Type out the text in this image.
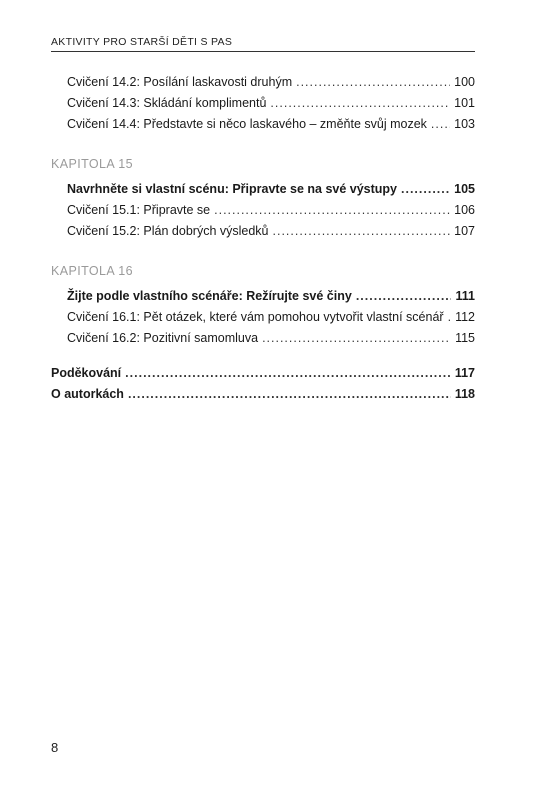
AKTIVITY PRO STARŠÍ DĚTI S PAS
Cvičení 14.2: Posílání laskavosti druhým .....	100
Cvičení 14.3: Skládání komplimentů .....	101
Cvičení 14.4: Představte si něco laskavého – změňte svůj mozek ..... 103
KAPITOLA 15
Navrhněte si vlastní scénu: Připravte se na své výstupy .....	105
Cvičení 15.1: Připravte se .....	106
Cvičení 15.2: Plán dobrých výsledků .....	107
KAPITOLA 16
Žijte podle vlastního scénáře: Režírujte své činy .....	111
Cvičení 16.1: Pět otázek, které vám pomohou vytvořit vlastní scénář ..... 112
Cvičení 16.2: Pozitivní samomluva .....	115
Poděkování .....	117
O autorkách .....	118
8
